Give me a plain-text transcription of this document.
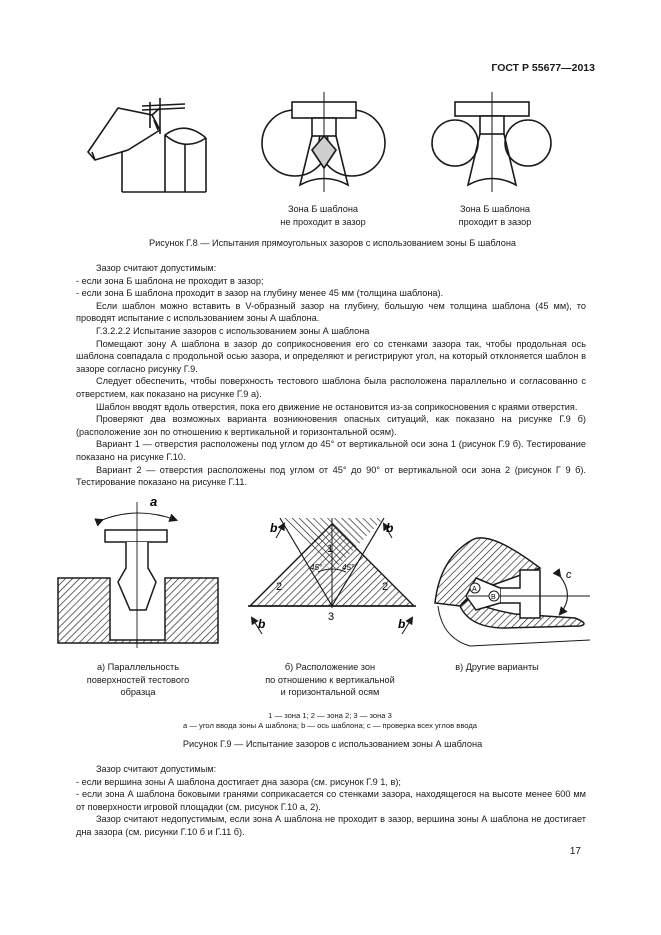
ГОСТ Р 55677—2013
Зона Б шаблона
не проходит в зазор
Зона Б шаблона
проходит в зазор
Рисунок Г.8 — Испытания прямоугольных зазоров с использованием зоны Б шаблона

Зазор считают допустимым:

- если зона Б шаблона не проходит в зазор;

- если зона Б шаблона проходит в зазор на глубину менее 45 мм (толщина шаблона).

Если шаблон можно вставить в V-образный зазор на глубину, большую чем толщина шаблона (45 мм), то проводят испытание с использованием зоны А шаблона.

Г.3.2.2.2 Испытание зазоров с использованием зоны А шаблона

Помещают зону А шаблона в зазор до соприкосновения его со стенками зазора так, чтобы продольная ось шаблона совпадала с продольной осью зазора, и определяют и регистрируют угол, на который отклоняется шаблон в зазоре согласно рисунку Г.9.

Следует обеспечить, чтобы поверхность тестового шаблона была расположена параллельно и согласованно с отверстием, как показано на рисунке Г.9 а).

Шаблон вводят вдоль отверстия, пока его движение не остановится из-за соприкосновения с краями отверстия.

Проверяют два возможных варианта возникновения опасных ситуаций, как показано на рисунке Г.9 б) (расположение зон по отношению к вертикальной и горизонтальной осям).

Вариант 1 — отверстия расположены под углом до 45° от вертикальной оси зона 1 (рисунок Г.9 б). Тестирование показано на рисунке Г.10.

Вариант 2 — отверстия расположены под углом от 45° до 90° от вертикальной оси зона 2 (рисунок Г 9 б). Тестирование показано на рисунке Г.11.

a
b	b
b	b
1
2	2
3
45° 45°
A
B
c
а) Параллельность
поверхностей тестового
образца
б) Расположение зон
по отношению к вертикальной
и горизонтальной осям
в) Другие варианты
1 — зона 1; 2 — зона 2; 3 — зона 3
a — угол ввода зоны А шаблона; b — ось шаблона; c — проверка всех углов ввода
Рисунок Г.9 — Испытание зазоров с использованием зоны А шаблона

Зазор считают допустимым:

- если вершина зоны А шаблона достигает дна зазора (см. рисунок Г.9 1, в);

- если зона А шаблона боковыми гранями соприкасается со стенками зазора, находящегося на высоте менее 600 мм от поверхности игровой площадки (см. рисунок Г.10 а, 2).

Зазор считают недопустимым, если зона А шаблона не проходит в зазор, вершина зоны А шаблона не достигает дна зазора (см. рисунки Г.10 б и Г.11 б).

17
